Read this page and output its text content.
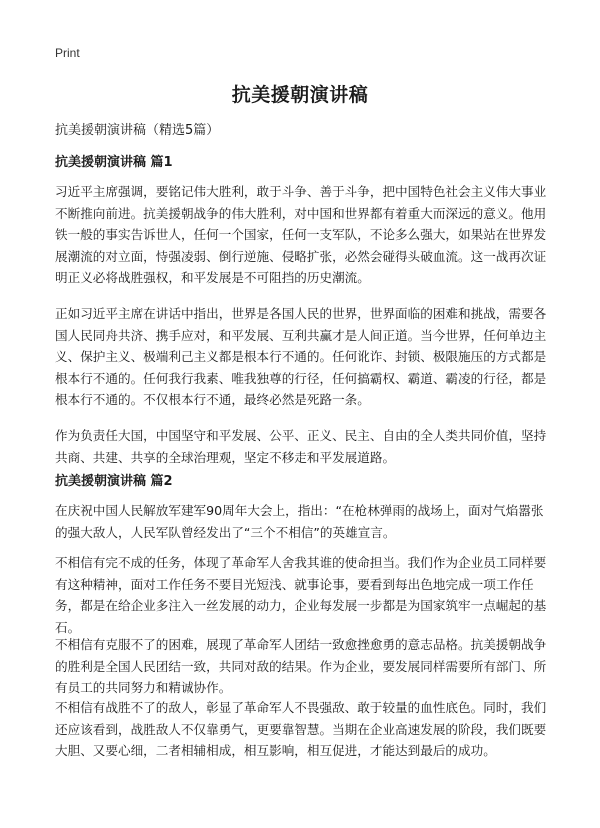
Print
抗美援朝演讲稿
抗美援朝演讲稿（精选5篇）
抗美援朝演讲稿 篇1

习近平主席强调，要铭记伟大胜利，敢于斗争、善于斗争，把中国特色社会主义伟大事业不断推向前进。抗美援朝战争的伟大胜利，对中国和世界都有着重大而深远的意义。他用铁一般的事实告诉世人，任何一个国家，任何一支军队，不论多么强大，如果站在世界发展潮流的对立面，恃强凌弱、倒行逆施、侵略扩张，必然会碰得头破血流。这一战再次证明正义必将战胜强权，和平发展是不可阻挡的历史潮流。

正如习近平主席在讲话中指出，世界是各国人民的世界，世界面临的困难和挑战，需要各国人民同舟共济、携手应对，和平发展、互利共赢才是人间正道。当今世界，任何单边主义、保护主义、极端利己主义都是根本行不通的。任何讹诈、封锁、极限施压的方式都是根本行不通的。任何我行我素、唯我独尊的行径，任何搞霸权、霸道、霸凌的行径，都是根本行不通的。不仅根本行不通，最终必然是死路一条。

作为负责任大国，中国坚守和平发展、公平、正义、民主、自由的全人类共同价值，坚持共商、共建、共享的全球治理观，坚定不移走和平发展道路。

抗美援朝演讲稿 篇2

在庆祝中国人民解放军建军90周年大会上，指出：“在枪林弹雨的战场上，面对气焰嚣张的强大敌人，人民军队曾经发出了“三个不相信”的英雄宣言。

不相信有完不成的任务，体现了革命军人舍我其谁的使命担当。我们作为企业员工同样要有这种精神，面对工作任务不要目光短浅、就事论事，要看到每出色地完成一项工作任务，都是在给企业多注入一丝发展的动力，企业每发展一步都是为国家筑牢一点崛起的基石。

不相信有克服不了的困难，展现了革命军人团结一致愈挫愈勇的意志品格。抗美援朝战争的胜利是全国人民团结一致，共同对敌的结果。作为企业，要发展同样需要所有部门、所有员工的共同努力和精诚协作。

不相信有战胜不了的敌人，彰显了革命军人不畏强敌、敢于较量的血性底色。同时，我们还应该看到，战胜敌人不仅靠勇气，更要靠智慧。当期在企业高速发展的阶段，我们既要大胆、又要心细，二者相辅相成，相互影响，相互促进，才能达到最后的成功。
